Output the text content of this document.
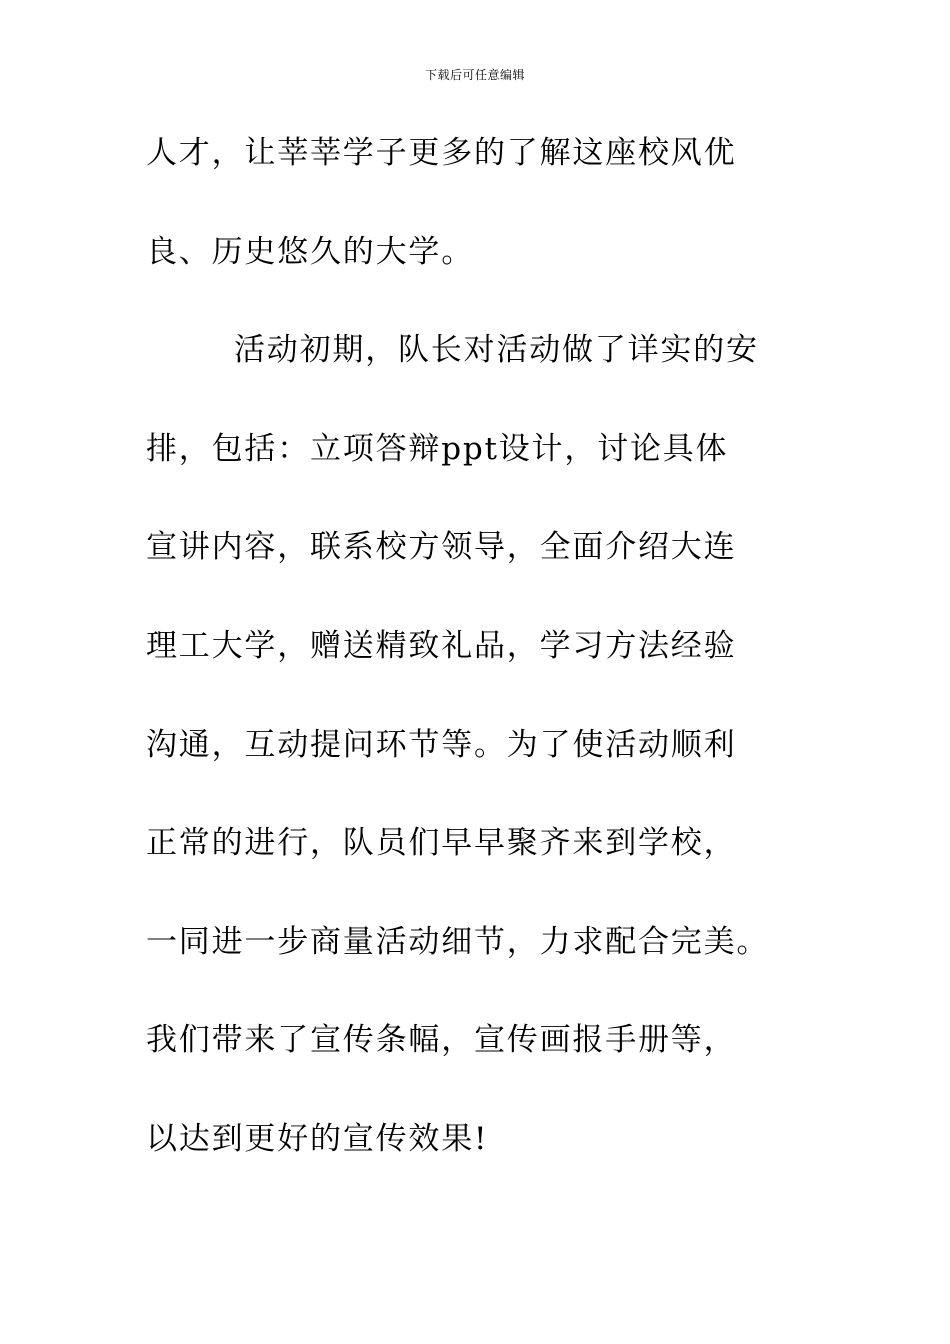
下载后可任意编辑
人才，让莘莘学子更多的了解这座校风优
良、历史悠久的大学。
活动初期，队长对活动做了详实的安
排，包括：立项答辩ppt设计，讨论具体
宣讲内容，联系校方领导，全面介绍大连
理工大学，赠送精致礼品，学习方法经验
沟通，互动提问环节等。为了使活动顺利
正常的进行，队员们早早聚齐来到学校，
一同进一步商量活动细节，力求配合完美。
我们带来了宣传条幅，宣传画报手册等，
以达到更好的宣传效果!
